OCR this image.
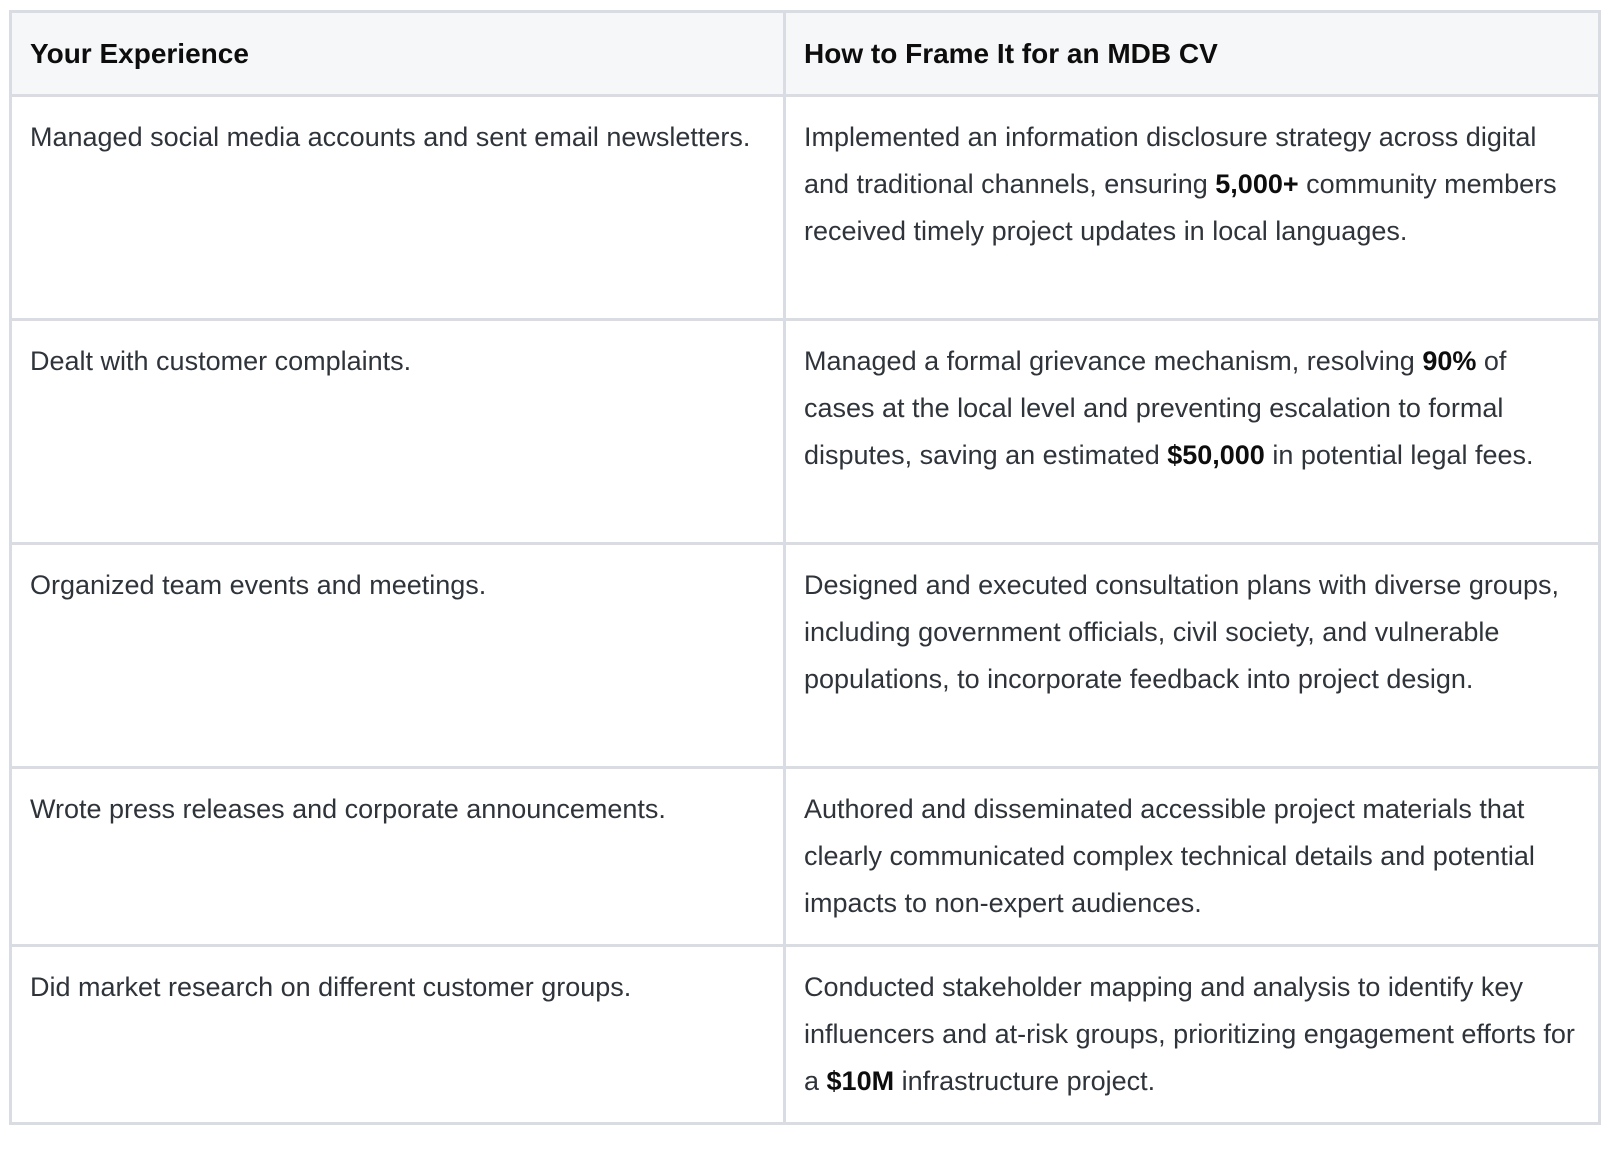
Your Experience	How to Frame It for an MDB CV
Managed social media accounts and sent email newsletters.	Implemented an information disclosure strategy across digital and traditional channels, ensuring 5,000+ community members received timely project updates in local languages.
Dealt with customer complaints.	Managed a formal grievance mechanism, resolving 90% of cases at the local level and preventing escalation to formal disputes, saving an estimated $50,000 in potential legal fees.
Organized team events and meetings.	Designed and executed consultation plans with diverse groups, including government officials, civil society, and vulnerable populations, to incorporate feedback into project design.
Wrote press releases and corporate announcements.	Authored and disseminated accessible project materials that clearly communicated complex technical details and potential impacts to non-expert audiences.
Did market research on different customer groups.	Conducted stakeholder mapping and analysis to identify key influencers and at-risk groups, prioritizing engagement efforts for a $10M infrastructure project.
